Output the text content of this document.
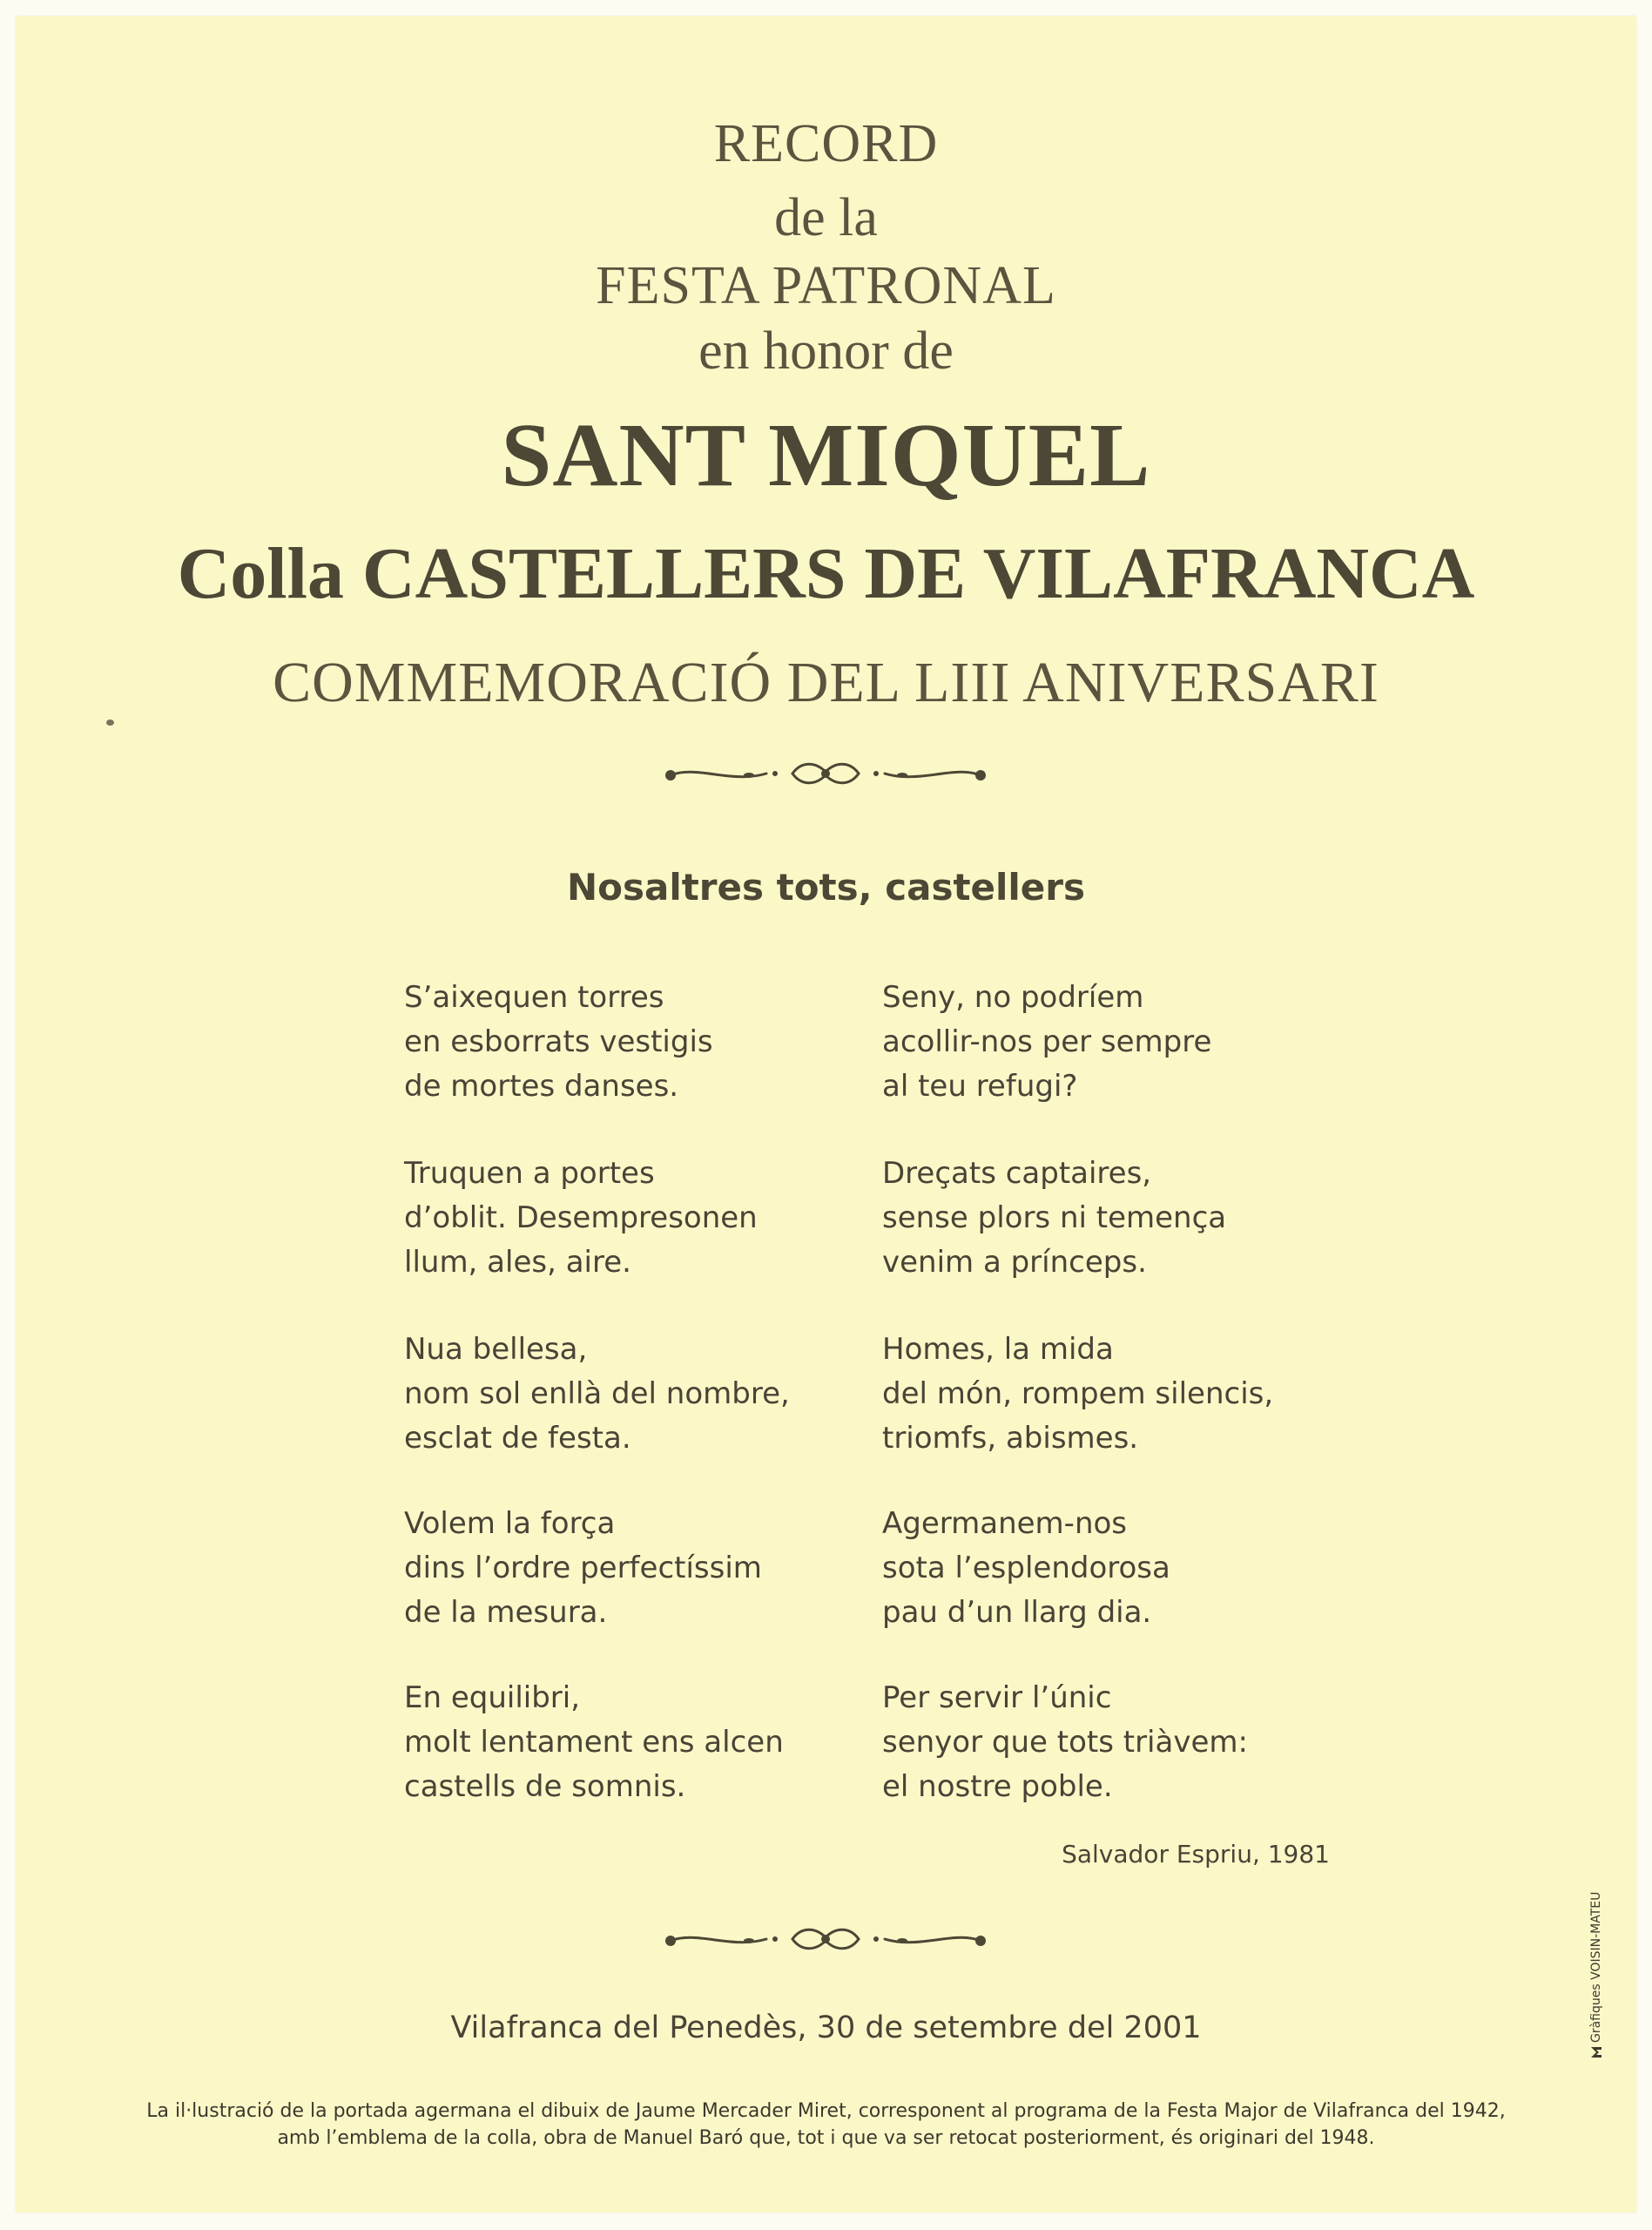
RECORD
de la
FESTA PATRONAL
en honor de
SANT MIQUEL
Colla CASTELLERS DE VILAFRANCA
COMMEMORACIÓ DEL LIII ANIVERSARI
Nosaltres tots, castellers
S’aixequen torres
en esborrats vestigis
de mortes danses.
Truquen a portes
d’oblit. Desempresonen
llum, ales, aire.
Nua bellesa,
nom sol enllà del nombre,
esclat de festa.
Volem la força
dins l’ordre perfectíssim
de la mesura.
En equilibri,
molt lentament ens alcen
castells de somnis.
Seny, no podríem
acollir-nos per sempre
al teu refugi?
Dreçats captaires,
sense plors ni temença
venim a prínceps.
Homes, la mida
del món, rompem silencis,
triomfs, abismes.
Agermanem-nos
sota l’esplendorosa
pau d’un llarg dia.
Per servir l’únic
senyor que tots triàvem:
el nostre poble.
Salvador Espriu, 1981
Vilafranca del Penedès, 30 de setembre del 2001
La il·lustració de la portada agermana el dibuix de Jaume Mercader Miret, corresponent al programa de la Festa Major de Vilafranca del 1942,
amb l’emblema de la colla, obra de Manuel Baró que, tot i que va ser retocat posteriorment, és originari del 1948.
Gràfiques VOISIN-MATEU
